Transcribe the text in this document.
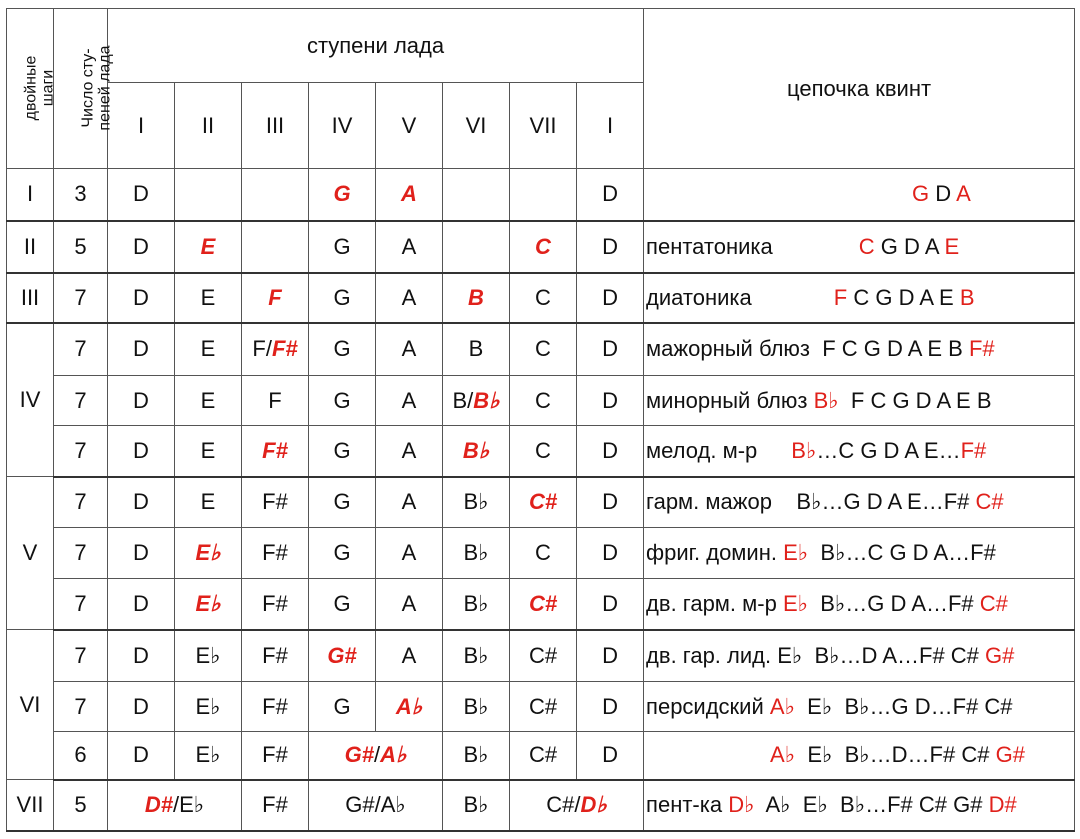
двойные
шаги	Число сту-
пеней лада	ступени лада								цепочка квинт
		I	II	III	IV	V	VI	VII	I	
I	3	D			G	A			D	G D A
II	5	D	E		G	A		C	D	пентатоника C G D A E
III	7	D	E	F	G	A	B	C	D	диатоника F C G D A E B
IV	7	D	E	F/F#	G	A	B	C	D	мажорный блюз  F C G D A E B F#
	7	D	E	F	G	A	B/B♭	C	D	минорный блюз B♭  F C G D A E B
	7	D	E	F#	G	A	B♭	C	D	мелод. м-р B♭…C G D A E…F#
V	7	D	E	F#	G	A	B♭	C#	D	гарм. мажор    B♭…G D A E…F# C#
	7	D	E♭	F#	G	A	B♭	C	D	фриг. домин. E♭  B♭…C G D A…F#
	7	D	E♭	F#	G	A	B♭	C#	D	дв. гарм. м-р E♭  B♭…G D A…F# C#
VI	7	D	E♭	F#	G#	A	B♭	C#	D	дв. гар. лид. E♭  B♭…D A…F# C# G#
	7	D	E♭	F#	G	A♭	B♭	C#	D	персидский A♭  E♭  B♭…G D…F# C#
	6	D	E♭	F#	G#/A♭		B♭	C#	D	A♭  E♭  B♭…D…F# C# G#
VII	5	D#/E♭		F#	G#/A♭		B♭	C#/D♭		пент-ка D♭  A♭  E♭  B♭…F# C# G# D#
